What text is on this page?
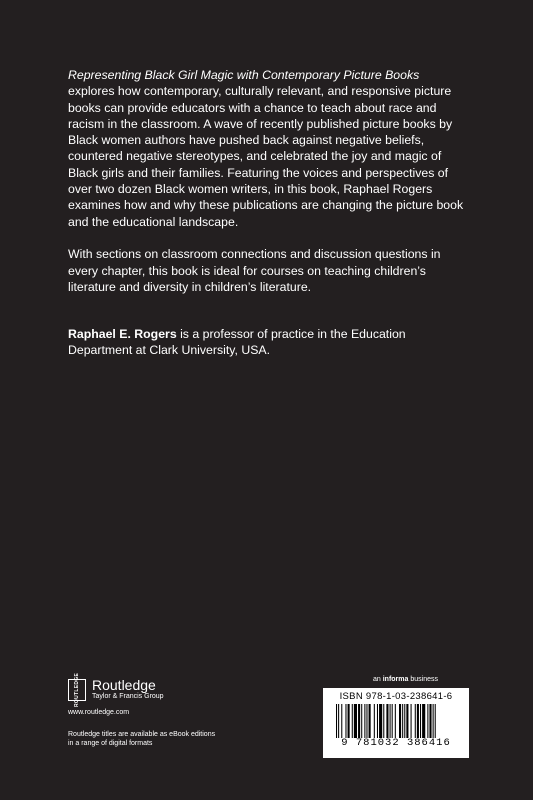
Representing Black Girl Magic with Contemporary Picture Books explores how contemporary, culturally relevant, and responsive picture books can provide educators with a chance to teach about race and racism in the classroom. A wave of recently published picture books by Black women authors have pushed back against negative beliefs, countered negative stereotypes, and celebrated the joy and magic of Black girls and their families. Featuring the voices and perspectives of over two dozen Black women writers, in this book, Raphael Rogers examines how and why these publications are changing the picture book and the educational landscape.

With sections on classroom connections and discussion questions in every chapter, this book is ideal for courses on teaching children’s literature and diversity in children’s literature.

Raphael E. Rogers is a professor of practice in the Education Department at Clark University, USA.

ROUTLEDGE Routledge
Taylor & Francis Group
www.routledge.com
Routledge titles are available as eBook editions in a range of digital formats
an informa business
ISBN 978-1-03-238641-6
9 781032 386416
